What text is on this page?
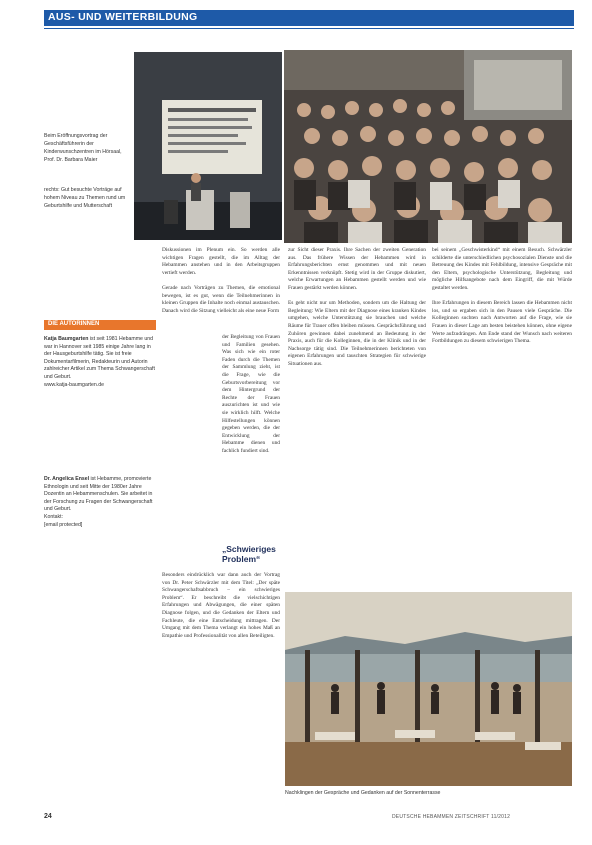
AUS- UND WEITERBILDUNG
Beim Eröffnungsvortrag der Geschäftsführerin der Kinderwunschzentren im Hörsaal, Prof. Dr. Barbara Maier
rechts: Gut besuchte Vorträge auf hohem Niveau zu Themen rund um Geburtshilfe und Mutterschaft
Diskussionen im Plenum ein. So werden alle wichtigen Fragen gestellt, die im Alltag der Hebammen anstehen und in den Arbeitsgruppen vertieft werden.

Gerade nach Vorträgen zu Themen, die emotional bewegen, ist es gut, wenn die Teilnehmerinnen in kleinen Gruppen die Inhalte noch einmal austauschen. Danach wird die Sitzung vielleicht als eine neue Form
DIE AUTORINNEN
Katja Baumgarten ist seit 1981 Hebamme und war in Hannover seit 1985 einige Jahre lang in der Hausgeburtshilfe tätig. Sie ist freie Dokumentarfilmerin, Redakteurin und Autorin zahlreicher Artikel zum Thema Schwangerschaft und Geburt.
www.katja-baumgarten.de
Dr. Angelica Ensel ist Hebamme, promovierte Ethnologin und seit Mitte der 1980er Jahre Dozentin an Hebammenschulen. Sie arbeitet in der Forschung zu Fragen der Schwangerschaft und Geburt.
Kontakt:
[email protected]
der Begleitung von Frauen und Familien gesehen. Was sich wie ein roter Faden durch die Themen der Sammlung zieht, ist die Frage, wie die Geburtsvorbereitung vor dem Hintergrund der Rechte der Frauen auszurichten ist und wie sie wirklich hilft. Welche Hilfestellungen können gegeben werden, die der Entwicklung der Hebamme dienen und fachlich fundiert sind.
„Schwieriges Problem“
Besonders eindrücklich war dann auch der Vortrag von Dr. Peter Schwärzler mit dem Titel: „Der späte Schwangerschaftsabbruch – ein schwieriges Problem“. Er beschreibt die vielschichtigen Erfahrungen und Abwägungen, die einer späten Diagnose folgen, und die Gedanken der Eltern und Fachleute, die eine Entscheidung mittragen. Der Umgang mit dem Thema verlangt ein hohes Maß an Empathie und Professionalität von allen Beteiligten.
zur Sicht dieser Praxis. Ihre Sachen der zweiten Generation aus. Das frühere Wissen der Hebammen wird in Erfahrungsberichten ernst genommen und mit neuen Erkenntnissen verknüpft. Stetig wird in der Gruppe diskutiert, welche Erwartungen an Hebammen gestellt werden und wie Frauen gestärkt werden können.

Es geht nicht nur um Methoden, sondern um die Haltung der Begleitung: Wie Eltern mit der Diagnose eines kranken Kindes umgehen, welche Unterstützung sie brauchen und welche Räume für Trauer offen bleiben müssen. Gesprächsführung und Zuhören gewinnen dabei zunehmend an Bedeutung in der Praxis, auch für die Kolleginnen, die in der Klinik und in der Nachsorge tätig sind. Die Teilnehmerinnen berichteten von eigenen Erfahrungen und tauschten Strategien für schwierige Situationen aus.
bei seinem „Geschwisterkind“ mit einem Besuch. Schwärzler schilderte die unterschiedlichen psychosozialen Dienste und die Betreuung des Kindes mit Fehlbildung, intensive Gespräche mit den Eltern, psychologische Unterstützung, Begleitung und mögliche Hilfsangebote nach dem Eingriff, die mit Würde gestaltet werden.

Ihre Erfahrungen in diesem Bereich lassen die Hebammen nicht los, und so ergaben sich in den Pausen viele Gespräche. Die Kolleginnen suchten nach Antworten auf die Frage, wie sie Frauen in dieser Lage am besten beistehen können, ohne eigene Werte aufzudrängen. Am Ende stand der Wunsch nach weiteren Fortbildungen zu diesem schwierigen Thema.
Nachklingen der Gespräche und Gedanken auf der Sonnenterrasse
24	DEUTSCHE HEBAMMEN ZEITSCHRIFT 11/2012
